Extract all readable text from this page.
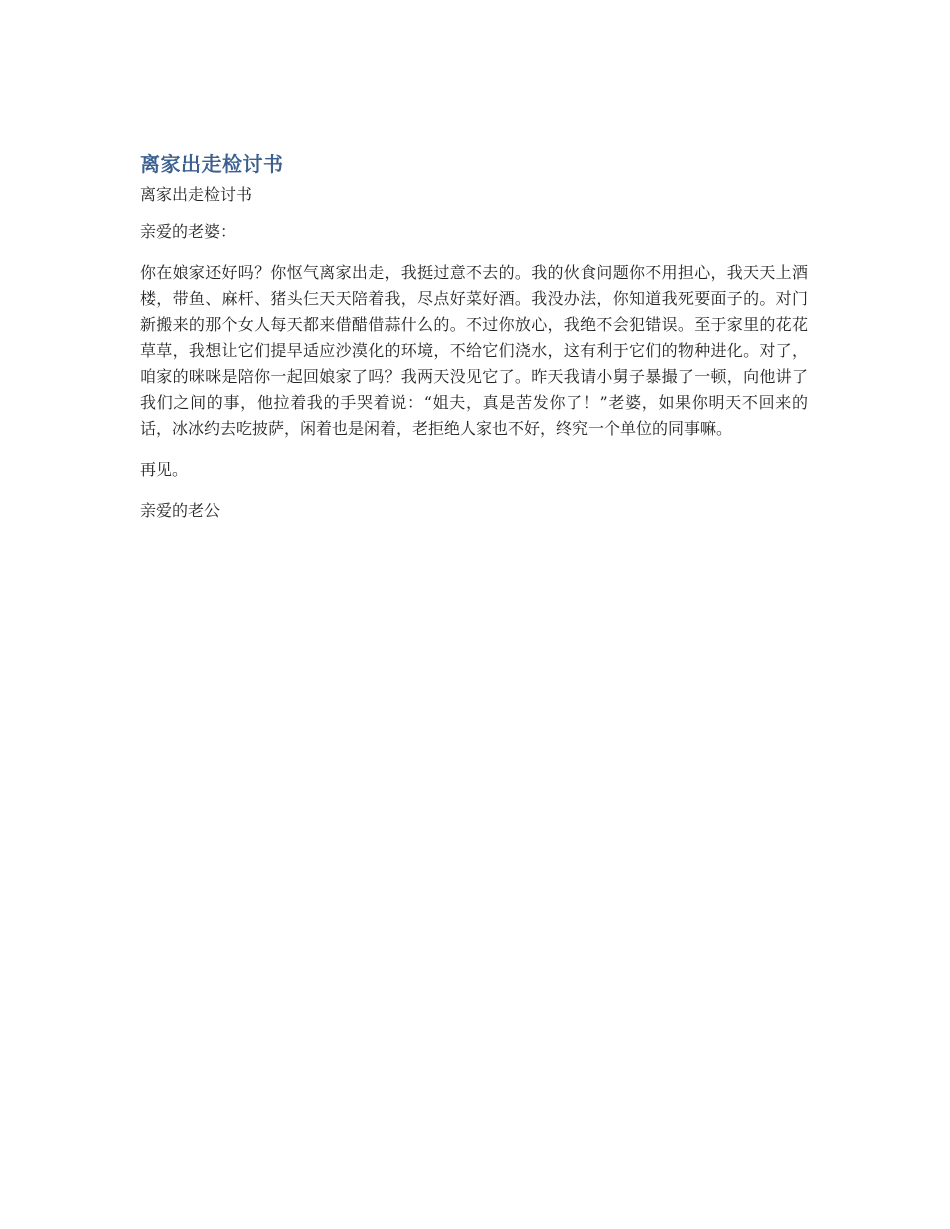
离家出走检讨书

离家出走检讨书

亲爱的老婆：

你在娘家还好吗？你怄气离家出走，我挺过意不去的。我的伙食问题你不用担心，我天天上酒楼，带鱼、麻杆、猪头仨天天陪着我，尽点好菜好酒。我没办法，你知道我死要面子的。对门新搬来的那个女人每天都来借醋借蒜什么的。不过你放心，我绝不会犯错误。至于家里的花花草草，我想让它们提早适应沙漠化的环境，不给它们浇水，这有利于它们的物种进化。对了，咱家的咪咪是陪你一起回娘家了吗？我两天没见它了。昨天我请小舅子暴撮了一顿，向他讲了我们之间的事，他拉着我的手哭着说：“姐夫，真是苦发你了！”老婆，如果你明天不回来的话，冰冰约去吃披萨，闲着也是闲着，老拒绝人家也不好，终究一个单位的同事嘛。

再见。

亲爱的老公
